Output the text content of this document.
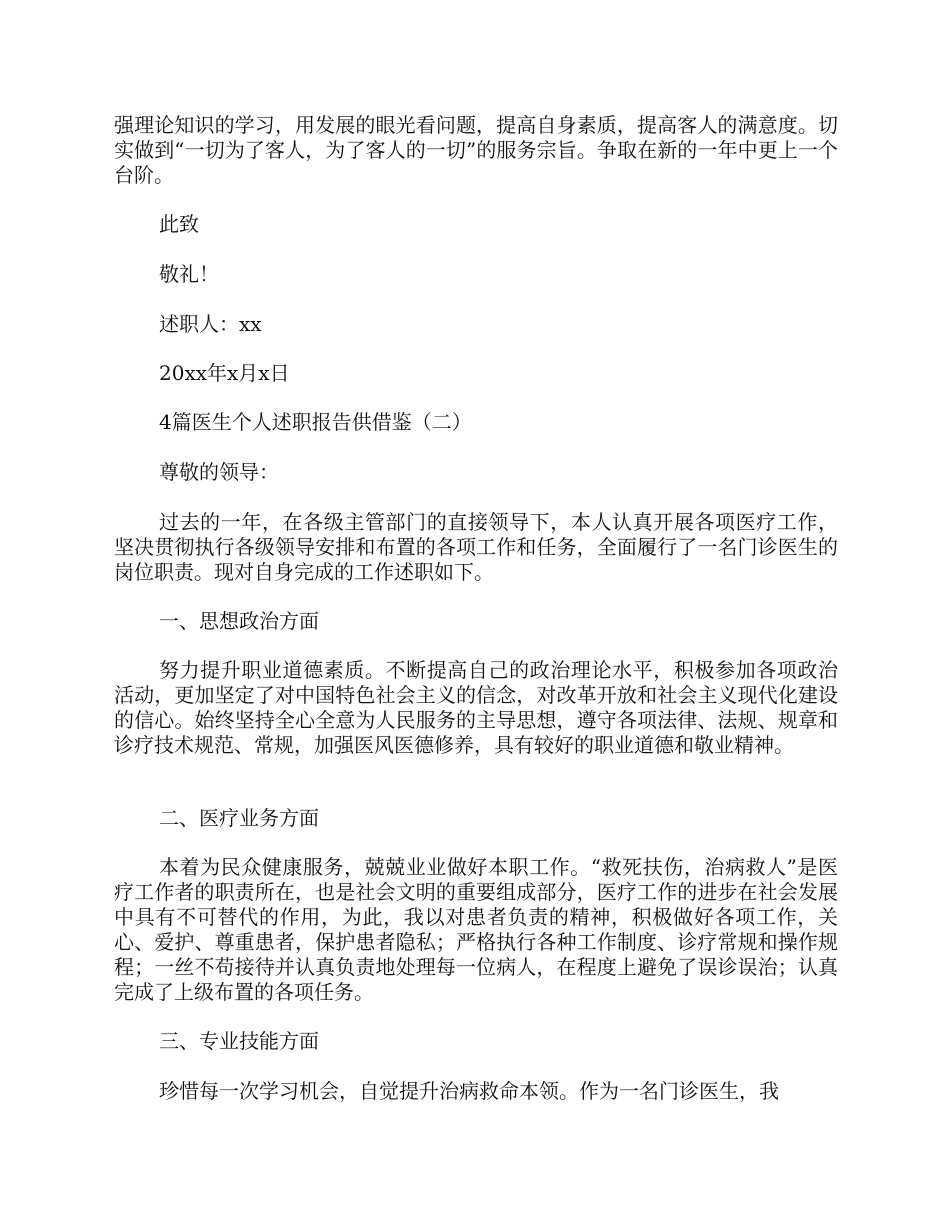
强理论知识的学习，用发展的眼光看问题，提高自身素质，提高客人的满意度。切实做到“一切为了客人，为了客人的一切”的服务宗旨。争取在新的一年中更上一个台阶。

此致

敬礼！

述职人：xx

20xx年x月x日

4篇医生个人述职报告供借鉴（二）

尊敬的领导：

过去的一年，在各级主管部门的直接领导下，本人认真开展各项医疗工作，坚决贯彻执行各级领导安排和布置的各项工作和任务，全面履行了一名门诊医生的岗位职责。现对自身完成的工作述职如下。

一、思想政治方面

努力提升职业道德素质。不断提高自己的政治理论水平，积极参加各项政治活动，更加坚定了对中国特色社会主义的信念，对改革开放和社会主义现代化建设的信心。始终坚持全心全意为人民服务的主导思想，遵守各项法律、法规、规章和诊疗技术规范、常规，加强医风医德修养，具有较好的职业道德和敬业精神。

二、医疗业务方面

本着为民众健康服务，兢兢业业做好本职工作。“救死扶伤，治病救人”是医疗工作者的职责所在，也是社会文明的重要组成部分，医疗工作的进步在社会发展中具有不可替代的作用，为此，我以对患者负责的精神，积极做好各项工作，关心、爱护、尊重患者，保护患者隐私；严格执行各种工作制度、诊疗常规和操作规程；一丝不苟接待并认真负责地处理每一位病人，在程度上避免了误诊误治；认真完成了上级布置的各项任务。

三、专业技能方面

珍惜每一次学习机会，自觉提升治病救命本领。作为一名门诊医生，我
